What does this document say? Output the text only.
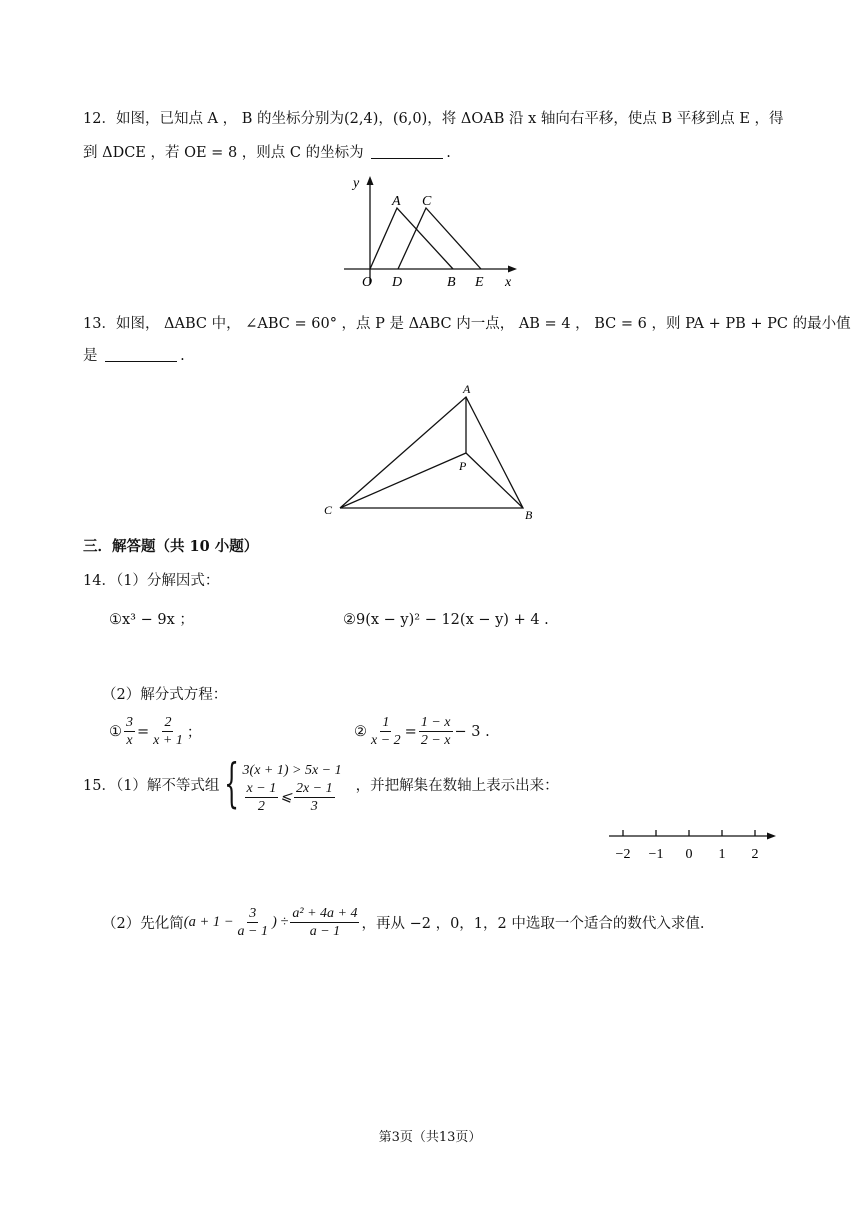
12．如图，已知点 A ， B 的坐标分别为(2,4)，(6,0)，将 ΔOAB 沿 x 轴向右平移，使点 B 平移到点 E ，得
到 ΔDCE ，若 OE = 8 ，则点 C 的坐标为	.
y
x
O D	B E
A C
13．如图， ΔABC 中， ∠ABC = 60° ，点 P 是 ΔABC 内一点， AB = 4 ， BC = 6 ，则 PA + PB + PC 的最小值
是	.
A
P
C	B
三．解答题（共 10 小题）
14．（1）分解因式：
①x³ − 9x ；	②9(x − y)² − 12(x − y) + 4 .
（2）解分式方程：
① $\frac{3}{x} = \frac{2}{x + 1}$ ；	② $\frac{1}{x - 2} = \frac{1 - x}{2 - x} - 3$ .
15．（1）解不等式组 { 3(x + 1) > 5x − 1
$\frac{x - 1}{2}$ ⩽ $\frac{2x - 1}{3}$ ，并把解集在数轴上表示出来：
−2 −1 0 1 2
（2）先化简 ($a + 1 - \frac{3}{a - 1}$ ) ÷ $\frac{\text{a² + 4a + 4}}{a - 1}$ ，再从 −2 ，0，1，2 中选取一个适合的数代入求值.
第3页（共13页）
